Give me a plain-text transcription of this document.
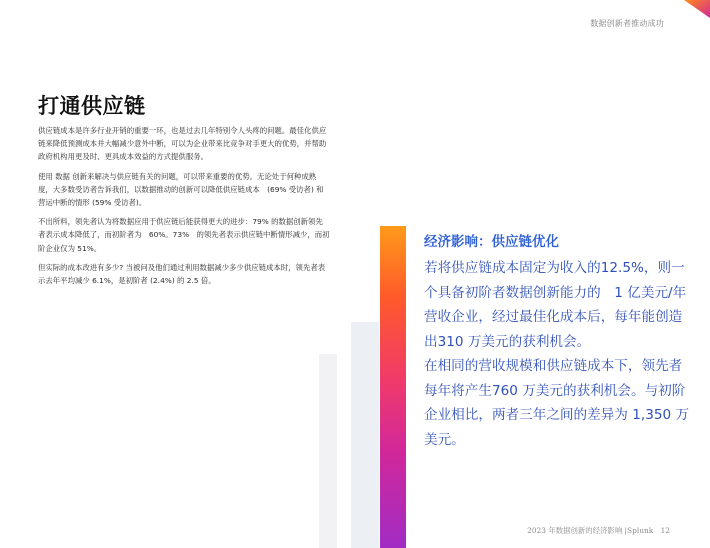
数据创新者推动成功
打通供应链

供应链成本是许多行业开销的重要一环，也是过去几年特别令人头疼的问题。最佳化供应链来降低预测成本并大幅减少意外中断，可以为企业带来比竞争对手更大的优势，并帮助政府机构用更及时、更具成本效益的方式提供服务。

使用 数据 创新来解决与供应链有关的问题，可以带来重要的优势。无论处于何种成熟度，大多数受访者告诉我们，以数据推动的创新可以降低供应链成本　(69% 受访者) 和营运中断的情形 (59% 受访者)。

不出所料，领先者认为将数据应用于供应链后能获得更大的进步：79% 的数据创新领先者表示成本降低了，而初阶者为　60%。73%　的领先者表示供应链中断情形减少，而初阶企业仅为 51%。

但实际的成本改进有多少? 当被问及他们通过利用数据减少多少供应链成本时，领先者表示去年平均减少 6.1%，是初阶者 (2.4%) 的 2.5 倍。

经济影响：供应链优化

若将供应链成本固定为收入的12.5%，则一个具备初阶者数据创新能力的　1 亿美元/年营收企业，经过最佳化成本后，每年能创造出310 万美元的获利机会。

在相同的营收规模和供应链成本下，领先者每年将产生760 万美元的获利机会。与初阶企业相比，两者三年之间的差异为 1,350 万美元。

2023 年数据创新的经济影响 |Splunk　12
